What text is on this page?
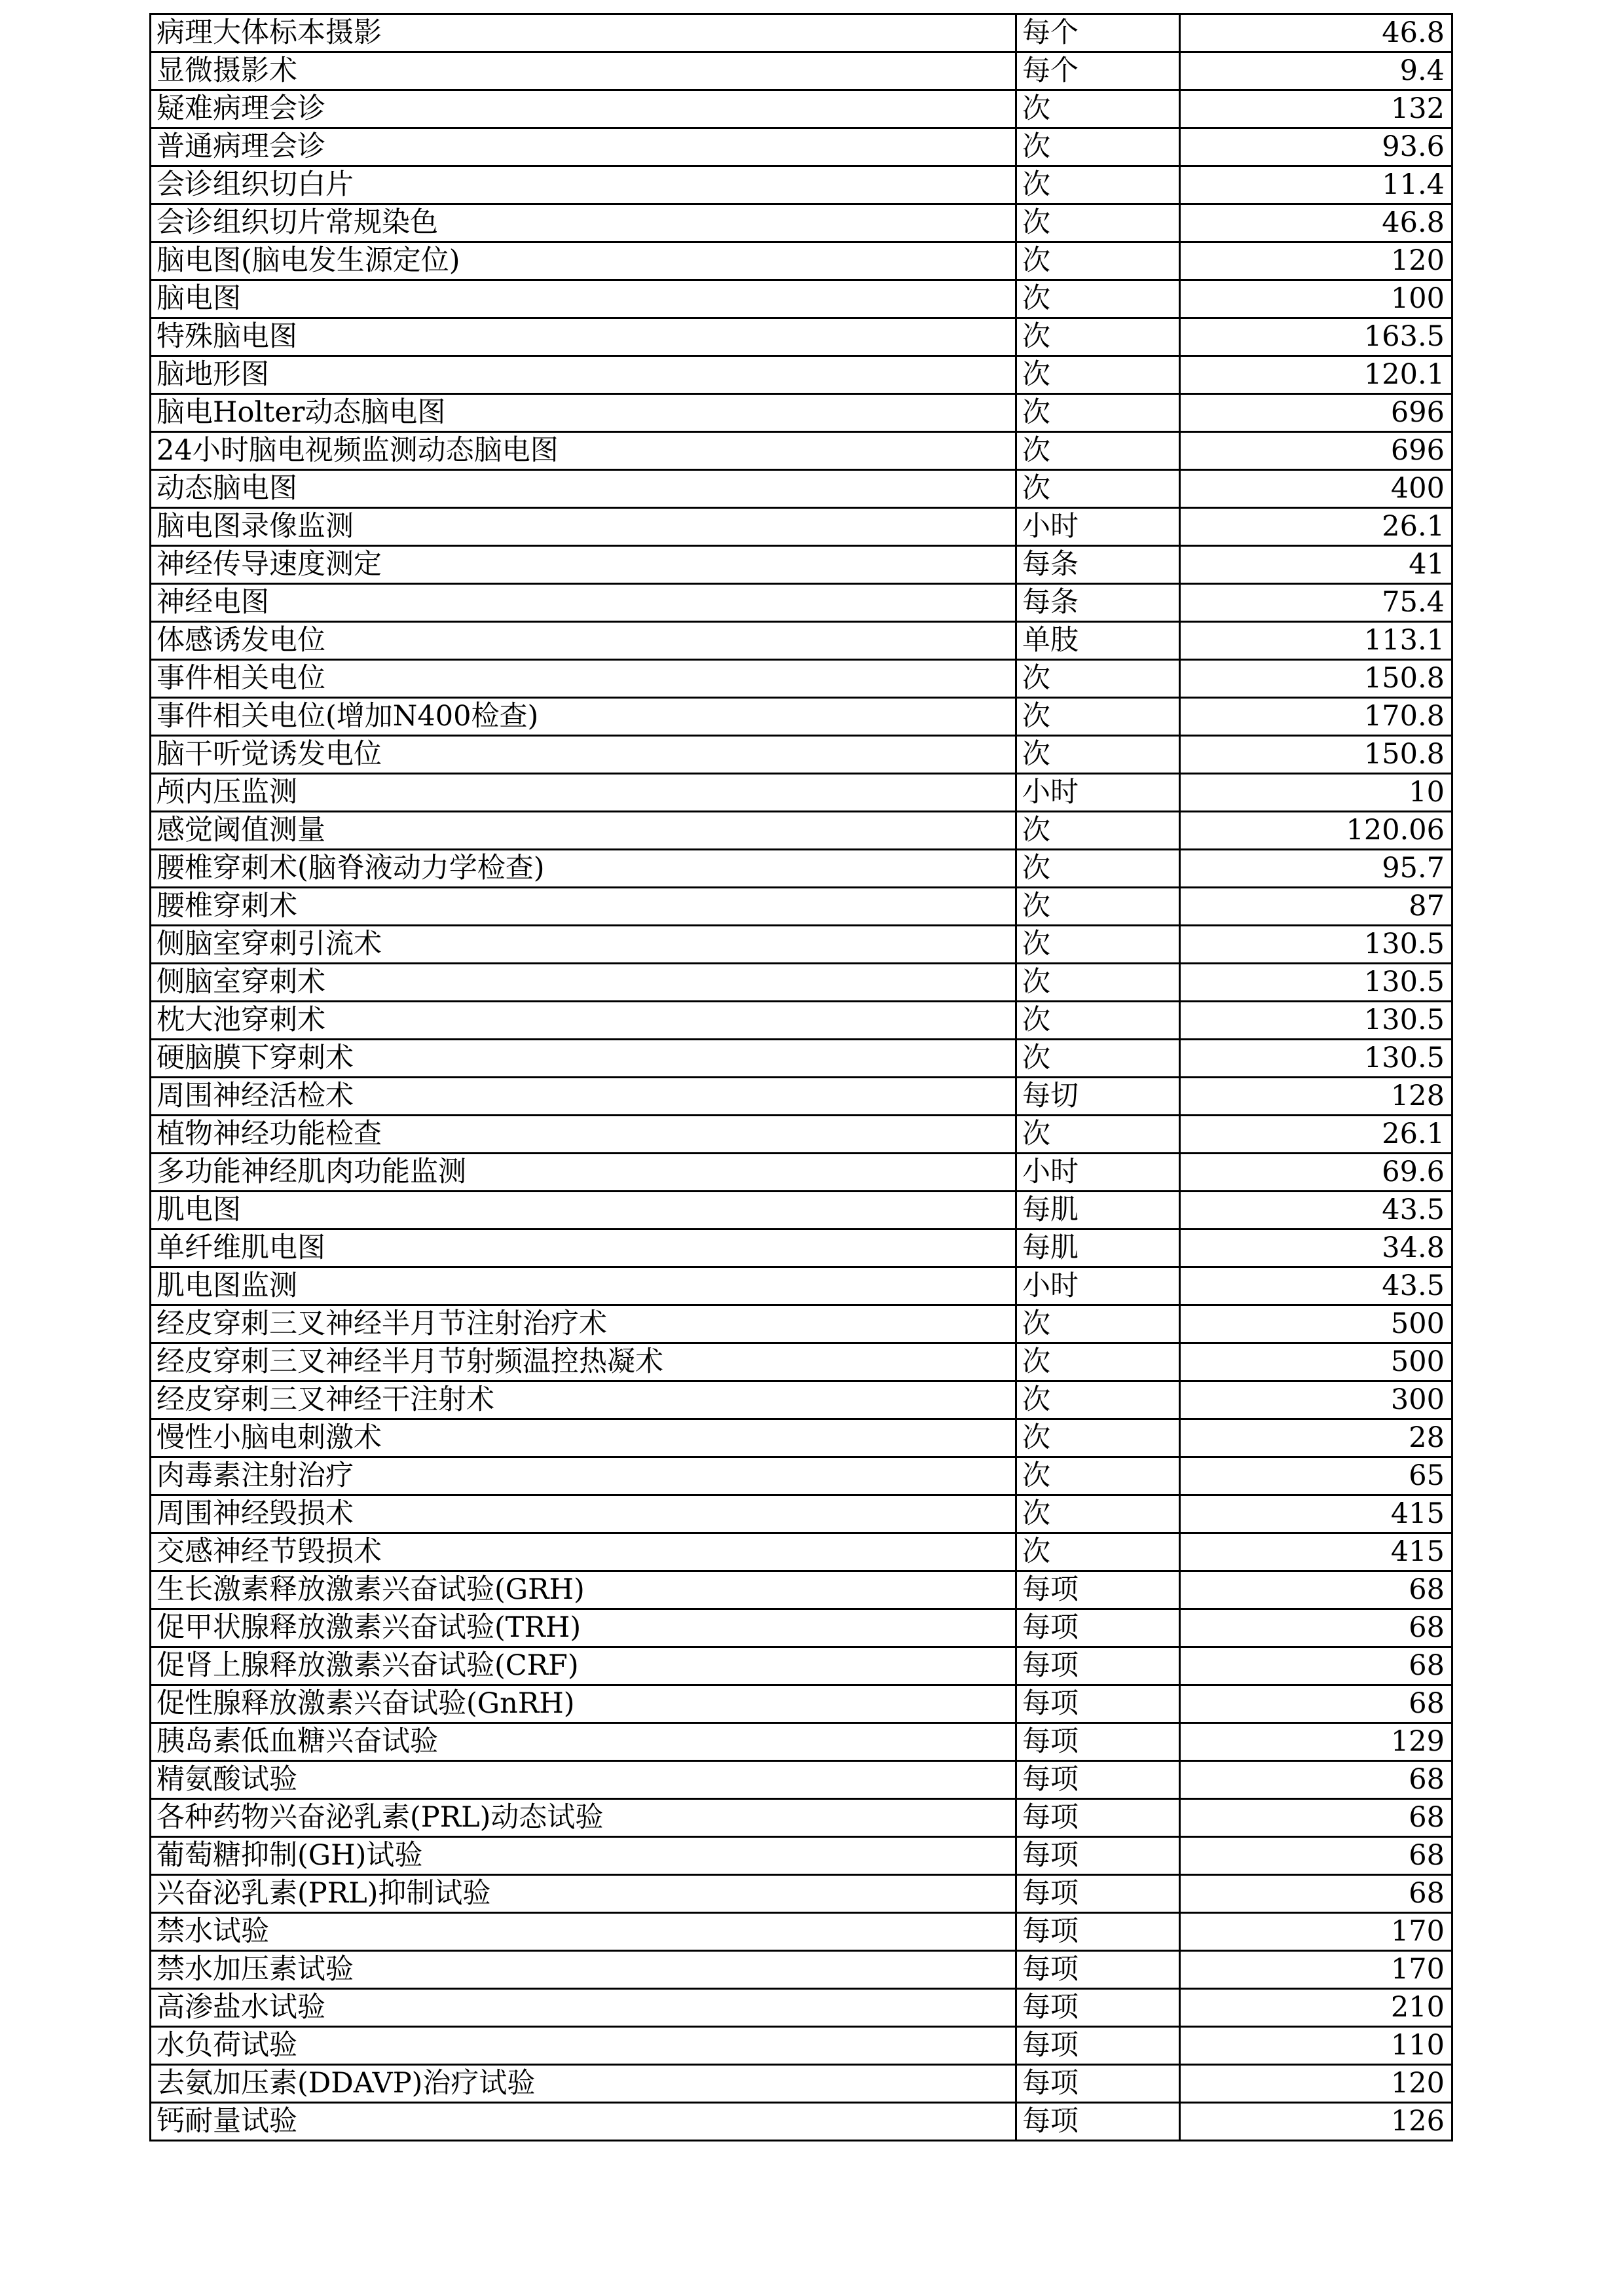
病理大体标本摄影	每个	46.8
显微摄影术	每个	9.4
疑难病理会诊	次	132
普通病理会诊	次	93.6
会诊组织切白片	次	11.4
会诊组织切片常规染色	次	46.8
脑电图(脑电发生源定位)	次	120
脑电图	次	100
特殊脑电图	次	163.5
脑地形图	次	120.1
脑电Holter动态脑电图	次	696
24小时脑电视频监测动态脑电图	次	696
动态脑电图	次	400
脑电图录像监测	小时	26.1
神经传导速度测定	每条	41
神经电图	每条	75.4
体感诱发电位	单肢	113.1
事件相关电位	次	150.8
事件相关电位(增加N400检查)	次	170.8
脑干听觉诱发电位	次	150.8
颅内压监测	小时	10
感觉阈值测量	次	120.06
腰椎穿刺术(脑脊液动力学检查)	次	95.7
腰椎穿刺术	次	87
侧脑室穿刺引流术	次	130.5
侧脑室穿刺术	次	130.5
枕大池穿刺术	次	130.5
硬脑膜下穿刺术	次	130.5
周围神经活检术	每切	128
植物神经功能检查	次	26.1
多功能神经肌肉功能监测	小时	69.6
肌电图	每肌	43.5
单纤维肌电图	每肌	34.8
肌电图监测	小时	43.5
经皮穿刺三叉神经半月节注射治疗术	次	500
经皮穿刺三叉神经半月节射频温控热凝术	次	500
经皮穿刺三叉神经干注射术	次	300
慢性小脑电刺激术	次	28
肉毒素注射治疗	次	65
周围神经毁损术	次	415
交感神经节毁损术	次	415
生长激素释放激素兴奋试验(GRH)	每项	68
促甲状腺释放激素兴奋试验(TRH)	每项	68
促肾上腺释放激素兴奋试验(CRF)	每项	68
促性腺释放激素兴奋试验(GnRH)	每项	68
胰岛素低血糖兴奋试验	每项	129
精氨酸试验	每项	68
各种药物兴奋泌乳素(PRL)动态试验	每项	68
葡萄糖抑制(GH)试验	每项	68
兴奋泌乳素(PRL)抑制试验	每项	68
禁水试验	每项	170
禁水加压素试验	每项	170
高渗盐水试验	每项	210
水负荷试验	每项	110
去氨加压素(DDAVP)治疗试验	每项	120
钙耐量试验	每项	126
